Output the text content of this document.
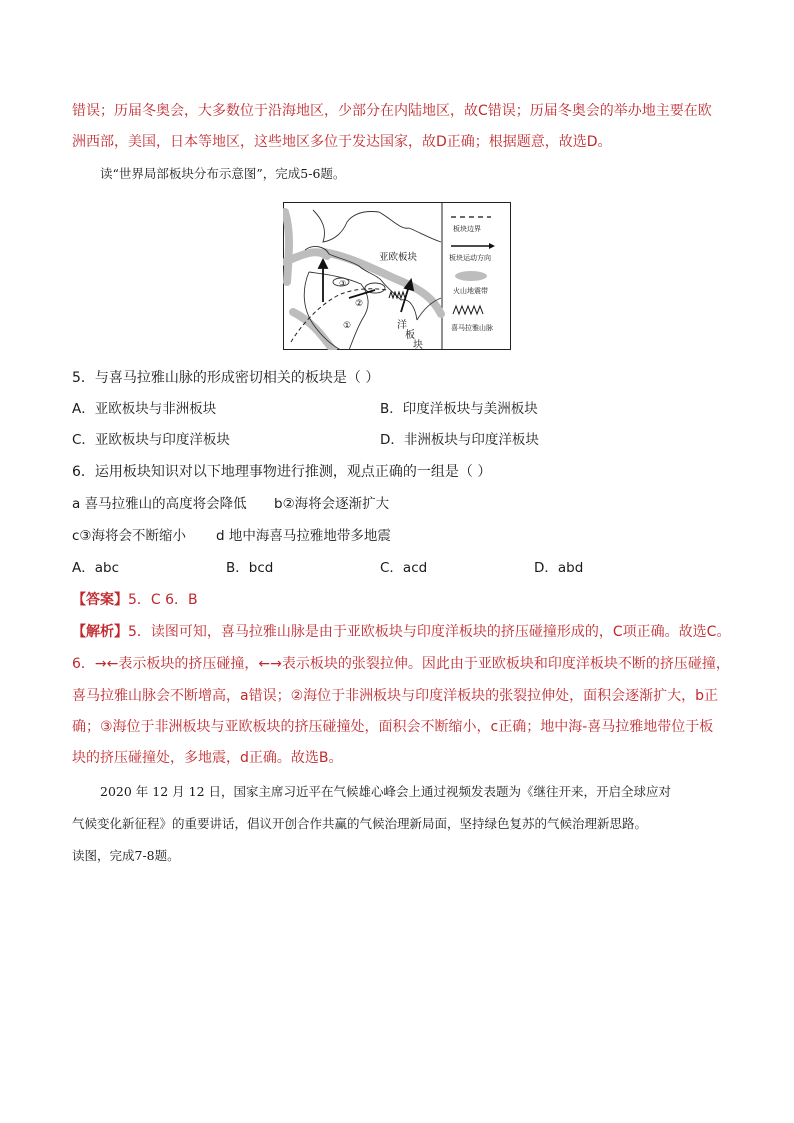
错误；历届冬奥会，大多数位于沿海地区，少部分在内陆地区，故C错误；历届冬奥会的举办地主要在欧
洲西部，美国，日本等地区，这些地区多位于发达国家，故D正确；根据题意，故选D。
读“世界局部板块分布示意图”，完成5-6题。
亚欧板块
①
②
③
洋
板
块
板块边界
板块运动方向
火山地震带
喜马拉雅山脉
5．与喜马拉雅山脉的形成密切相关的板块是（ ）
A．亚欧板块与非洲板块	B．印度洋板块与美洲板块
C．亚欧板块与印度洋板块	D．非洲板块与印度洋板块
6．运用板块知识对以下地理事物进行推测，观点正确的一组是（ ）
a 喜马拉雅山的高度将会降低 b②海将会逐渐扩大
c③海将会不断缩小 d 地中海喜马拉雅地带多地震
A．abc	B．bcd	C．acd	D．abd
【答案】5．C 6．B
【解析】5．读图可知，喜马拉雅山脉是由于亚欧板块与印度洋板块的挤压碰撞形成的，C项正确。故选C。
6．→←表示板块的挤压碰撞，←→表示板块的张裂拉伸。因此由于亚欧板块和印度洋板块不断的挤压碰撞，
喜马拉雅山脉会不断增高，a错误；②海位于非洲板块与印度洋板块的张裂拉伸处，面积会逐渐扩大，b正
确；③海位于非洲板块与亚欧板块的挤压碰撞处，面积会不断缩小，c正确；地中海-喜马拉雅地带位于板
块的挤压碰撞处，多地震，d正确。故选B。
2020 年 12 月 12 日，国家主席习近平在气候雄心峰会上通过视频发表题为《继往开来，开启全球应对
气候变化新征程》的重要讲话，倡议开创合作共赢的气候治理新局面，坚持绿色复苏的气候治理新思路。
读图，完成7-8题。
